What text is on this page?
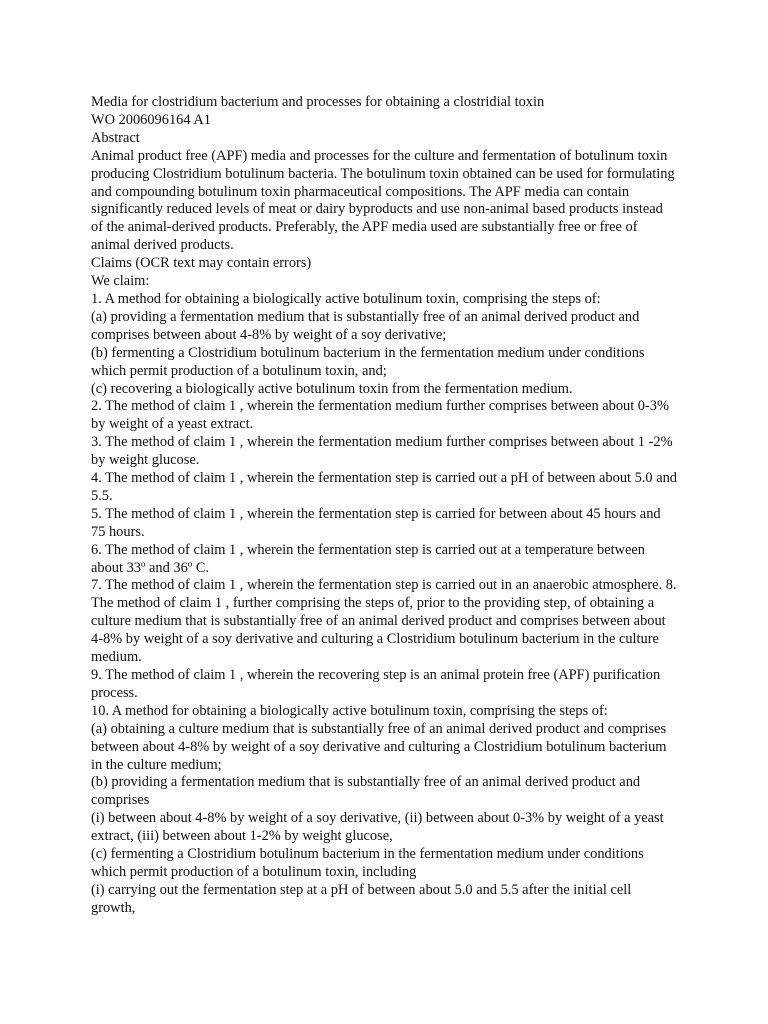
Media for clostridium bacterium and processes for obtaining a clostridial toxin
WO 2006096164 A1
Abstract
Animal product free (APF) media and processes for the culture and fermentation of botulinum toxin producing Clostridium botulinum bacteria. The botulinum toxin obtained can be used for formulating and compounding botulinum toxin pharmaceutical compositions. The APF media can contain significantly reduced levels of meat or dairy byproducts and use non-animal based products instead of the animal-derived products. Preferably, the APF media used are substantially free or free of animal derived products.
Claims (OCR text may contain errors)
We claim:
1. A method for obtaining a biologically active botulinum toxin, comprising the steps of:
(a) providing a fermentation medium that is substantially free of an animal derived product and comprises between about 4-8% by weight of a soy derivative;
(b) fermenting a Clostridium botulinum bacterium in the fermentation medium under conditions which permit production of a botulinum toxin, and;
(c) recovering a biologically active botulinum toxin from the fermentation medium.
2. The method of claim 1 , wherein the fermentation medium further comprises between about 0-3% by weight of a yeast extract.
3. The method of claim 1 , wherein the fermentation medium further comprises between about 1 -2% by weight glucose.
4. The method of claim 1 , wherein the fermentation step is carried out a pH of between about 5.0 and 5.5.
5. The method of claim 1 , wherein the fermentation step is carried for between about 45 hours and 75 hours.
6. The method of claim 1 , wherein the fermentation step is carried out at a temperature between about 33º and 36º C.
7. The method of claim 1 , wherein the fermentation step is carried out in an anaerobic atmosphere. 8. The method of claim 1 , further comprising the steps of, prior to the providing step, of obtaining a culture medium that is substantially free of an animal derived product and comprises between about 4-8% by weight of a soy derivative and culturing a Clostridium botulinum bacterium in the culture medium.
9. The method of claim 1 , wherein the recovering step is an animal protein free (APF) purification process.
10. A method for obtaining a biologically active botulinum toxin, comprising the steps of:
(a) obtaining a culture medium that is substantially free of an animal derived product and comprises between about 4-8% by weight of a soy derivative and culturing a Clostridium botulinum bacterium in the culture medium;
(b) providing a fermentation medium that is substantially free of an animal derived product and comprises
(i) between about 4-8% by weight of a soy derivative, (ii) between about 0-3% by weight of a yeast extract, (iii) between about 1-2% by weight glucose,
(c) fermenting a Clostridium botulinum bacterium in the fermentation medium under conditions which permit production of a botulinum toxin, including
(i) carrying out the fermentation step at a pH of between about 5.0 and 5.5 after the initial cell growth,
